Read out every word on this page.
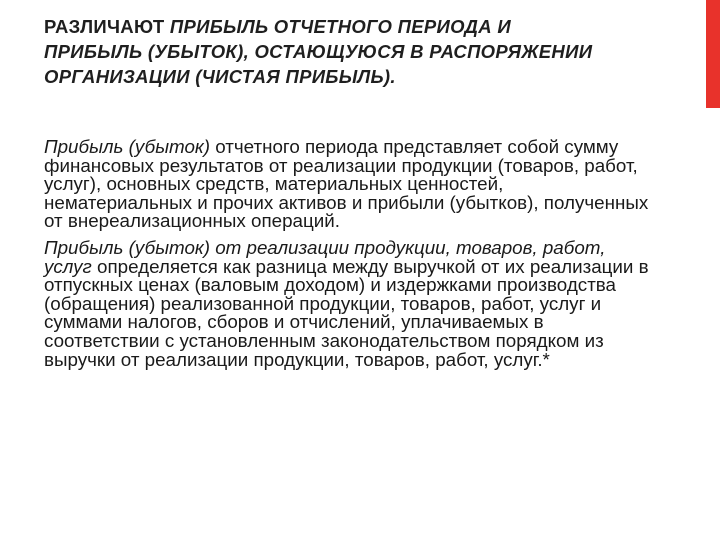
РАЗЛИЧАЮТ ПРИБЫЛЬ ОТЧЕТНОГО ПЕРИОДА И ПРИБЫЛЬ (УБЫТОК), ОСТАЮЩУЮСЯ В РАСПОРЯЖЕНИИ ОРГАНИЗАЦИИ (ЧИСТАЯ ПРИБЫЛЬ).

Прибыль (убыток) отчетного периода представляет собой сумму финансовых результатов от реализации продукции (товаров, работ, услуг), основных средств, материальных ценностей, нематериальных и прочих активов и прибыли (убытков), полученных от внереализационных операций.

Прибыль (убыток) от реализации продукции, товаров, работ, услуг определяется как разница между выручкой от их реализации в отпускных ценах (валовым доходом) и издержками производства (обращения) реализованной продукции, товаров, работ, услуг и суммами налогов, сборов и отчислений, уплачиваемых в соответствии с установленным законодательством порядком из выручки от реализации продукции, товаров, работ, услуг.*
